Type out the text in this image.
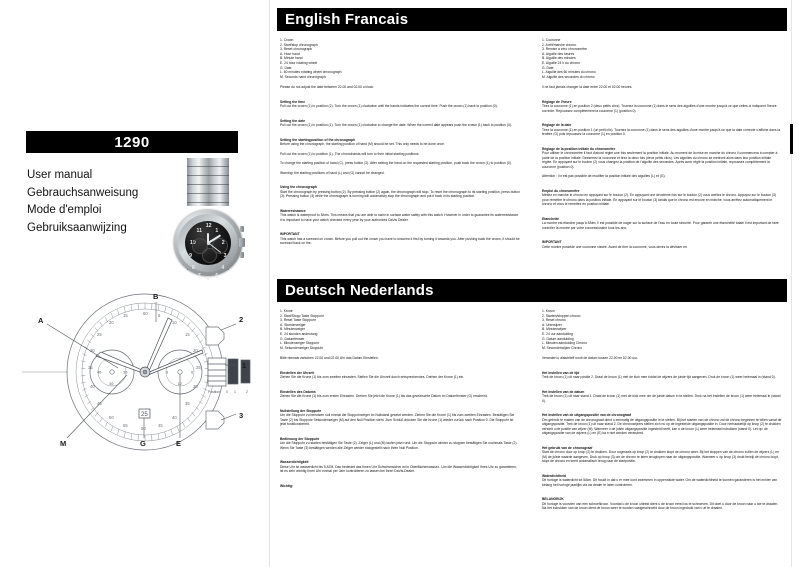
1290
User manual
Gebrauchsanweisung
Mode d'emploi
Gebruiksaanwijzing	12
1
2
3
4
5
6
7
8
9
10
11
60 5
10
15
20
25
30
35
40
45
50
55
50
45
40
35
30
25
20
15
15
30
45	6
12
9
Position 0 1	2
25
A
B
E
G
M
1
2
3
English Francais
1. Crown
2. Start/stop chronograph
3. Reset chronograph
A. Hour hand
B. Minute hand
E. 24 hour rotating wheel
G. Date
L. 60 minutes rotating wheel chronograph
M. Seconds hand chronograph

Please do not adjust the date between 22.00 and 02.00 o'clock.

Setting the time

Pull out the crown (1) in position (2). Turn the crown (1) clockwise until the hands indicates the correct time. Push the crown (1) back to position (0).

Setting the date

Pull out the crown (1) in position (1). Turn the crown (1) clockwise to change the date. When the correct date appears push the crown (1) back to position (0).

Setting the startingposition of the chronograph

Before using the chronograph, the starting position of hand (M) should be set. This only needs to be done once.

Pull out the crown (1) to position (1). The chronohands will turn to their initial starting positions.

To change the starting position of hand (C), press button (2). After setting the hand on the requested starting position, push back the crown (1) to position (0).

Warning: the starting positions of hand (L) and (G) cannot be changed.

Using the chronograph

Start the chronograph by pressing button (2). By pressing button (2) again, the chronograph will stop. To reset the chronograph to its starting position, press button (3). Pressing button (3) while the chronograph is running will automaticly stop the chronograph and put it back in its starting position.

Waterresistance

This watch is waterproof to 5Atm. This means that you are able to swim in surface water safely with this watch. However in order to guarantee its waterresistance it is important to have your watch checked every year by your authorized DaVis Dealer.

IMPORTANT

This watch has a screwed on crown. Before you pull out the crown you have to unscrew it first by turning it towards you. After pushing back the crown, it should be screwed back on the-

1. Couronne
2. Arrêt/marche chrono.
3. Remise a zéro chronomètre
A. Aiguille des heures
B. Aiguille des minutes
E. Aiguille 24 h du chrono
G. Date
L. Aiguille des 60 minutes du chrono
M. Aiguille des secondes du chrono

Il ne faut jamais changer la date entre 22.00 et 02.00 heures.

Réglage de l'heure

Tirez la couronne (1) en position 2 (deux petits clics). Tournez la couronne (1) dans le sens des aiguilles d'une montre jusqu'à ce que celles-ci indiquent l'heure correcte. Repoussez complètement la couronne (1) (position 0).

Réglage de la date

Tirez la couronne (1) en position 1 (un petit clic). Tournez la couronne (1) dans le sens des aiguilles d'une montre jusqu'à ce que la date correcte s'affiche dans la fenêtre (G) puis repoussez la couronne (1) en position 0.

Réglage de la position initiale du chronomètre

Pour utiliser le chronomètre il faut d'abord régler une fois seulement la position initiale. Au moment de la mise en marche du chrono il commencera à compter à partir de la position initiale. Desserrez la couronne et tirez la deux fois (deux petits clics). Les aiguilles du chrono se mettront alors dans leur position initiale réglée. En appuyant sur le bouton (2) vous changez la position de l'aiguille des secondes. Après avoir réglé la position initiale, repoussez complètement la couronne (position 0).

Attention : il n'est pas possible de modifier la position initiale des aiguilles (L) et (G).

Emploi du chronomètre

Mettez en marche le chrono en appuyant sur le bouton (2). En appuyant une deuxième fois sur le bouton (2) vous arrêtez le chrono. Appuyez sur le bouton (3) pour remettre le chrono dans la position initiale. En appuyant sur le bouton (3) tandis que le chrono est encore en marche, vous arrêtez automatiquement le chrono et vous le remettez en position initiale.

Etancheité

La montre est étanche jusqu'à 5Atm. Il est possible de nager sur la surface de l'eau en toute sécurité. Pour garantir une étanchéité totale il est important de faire contrôler la montre par votre concessionaire tous les ans.

IMPORTANT

Cette montre possède une couronne vissée. Avant de tirer la couronne, vous devez la dévisser en

Deutsch Nederlands
1. Krone
2. Start/Stopp Taste Stoppuhr
3. Reset Taste Stoppuhr
A. Stundenzeiger
B. Minutenzeiger
E. 24 stunden andeutung
G. Datumfenster
L. Minutenzeiger Stoppuhr
M. Sekundenzeiger Stoppuhr

Bitte niemals zwischen 22.00 und 02.00 Uhr das Datum Einstellen.

Einstellen der Uhrzeit

Ziehen Sie die Krone (1) bis zum zweiten einrasten. Stellen Sie die Uhrzeit durch entsprechendes. Drehen der Krone (1) ein.

Einstellen des Datums

Ziehen Sie die Krone (1) bis zum ersten Einrasten. Drehen Sie jetzt die Krone (1) bis das gewünschte Datum im Datumfenster (G) erscheint.

Nullstellung der Stoppuhr

Um die Stoppuhr zu benutzen soll einmal die Stoppuhrzeiger im Nullstand gesetzt werden. Ziehen Sie die Krone (1) bis zum zweiten Einrasten. Bestätigen Sie Taste (2) bis Stoppuhr Sekundenzeiger (M) auf den Null Position steht. Zum Schluß drücken Sie die Krone (1) wieder zurück nach Position 0. Die Stoppuhr ist jetzt funktionsbereit.

Bedienung der Stoppuhr

Um die Stoppuhr zu starten bestätigen Sie Taste (2). Zeiger (L) und (M) laufen jetzt rund. Um die Stoppuhr wieder zu stoppen bestätigen Sie nochmals Taste (2). Wenn Sie Taste (3) bestätigen werden alle Zeiger wieder rückgestellt nach ihren Null Position.

Wasserdichtigkeit

Diese Uhr ist wasserdicht bis 5 ATM. Das bedeutet das Ihnen Uhr Schwimmsicher ist in Oberflächenwasser.. Um die Wasserdichtigkeit Ihres Uhr zu garantieren, ist es sehr wichtig Ihren Uhr einmal per Jahr kontrollieren zu lassen bei Ihren DaVis-Dealer.

Wichtig:

1. Kroon
2. Starten/stoppen chrono
3. Reset chrono
A. Urenwijzer
B. Minutenwijzer
E. 24 uur aanduiding
G. Datum aanduiding
L. Minuten aanduiding Chrono
M. Secondenwijzer Chrono

Verandert u alstublieft nooit de datum tussen 22.00 en 02.00 uur.

Het instellen van de tijd

Trek de kroon (1) uit naar positie 2. Draai de kroon (1) met de klok mee totdat de wijzers de juiste tijd aangeven. Druk de kroon (1) weer helemaal in (stand 0).

Het instellen van de datum

Trek de kroon (1) uit naar stand 1. Draai de kroon (1) met de klok mee om de juiste datum in te stellen. Druk na het instellen de kroon (1) weer helemaal in (stand 0).

Het instellen van de uitgangspositie van de chronograaf

Om gebruik te maken van de chronograaf dient u eenmalig de uitgangspositie in te stellen. Bij het starten van de chrono zal de chrono beginnen te tellen vanaf de uitgangspositie. Trek de kroon (1) uit naar stand 2. De chronowijzers stellen zich nu op de ingestelde uitgangspositie in. Door herhaaldelijk op knop (2) te drukken verstelt u de positie van wijzer (M). Wanneer u de juiste uitgangspositie ingesteld heeft, kan u de kroon (1) weer helemaal indrukken (stand 0). Let op: de uitgangspositie van de wijzers (L) en (E) ka n niet worden veranderd.

Het gebruik van de chronograaf

Start de chrono door op knop (2) te drukken. Door nogmaals op knop (2) te drukken stopt de chrono weer. Bij het stoppen van de chrono zullen de wijzers (L) en (M) de juiste waarde aangeven. Druk op knop (3) om de chrono te laten teruglopen naar de uitgangspositie. Wanneer u op knop (3) drukt terwijl de chrono loopt, stopt de chrono en keert automatisch terug naar de startpositie.

Waterdichtheid

Dit horloge is waterdicht tot 5Atm. Dit houdt in dat u er mee kunt zwemmen in oppervlakte water. Om de waterdichtheid te kunnen garanderen is het echter van belang het horloge jaarlijks via uw dealer te laten controleren.

BELANGRIJK

Dit horloge is voorzien van een schroefkroon. Voordat u de kroon uittrekt dient u de kroon eerst los te schroeven. Dit doet u door de kroon naar u toe te draaien. Na het indrukken van de kroon dient de kroon weer te worden vastgeschroefd door de kroon ingedrukt van u af te draaien.
